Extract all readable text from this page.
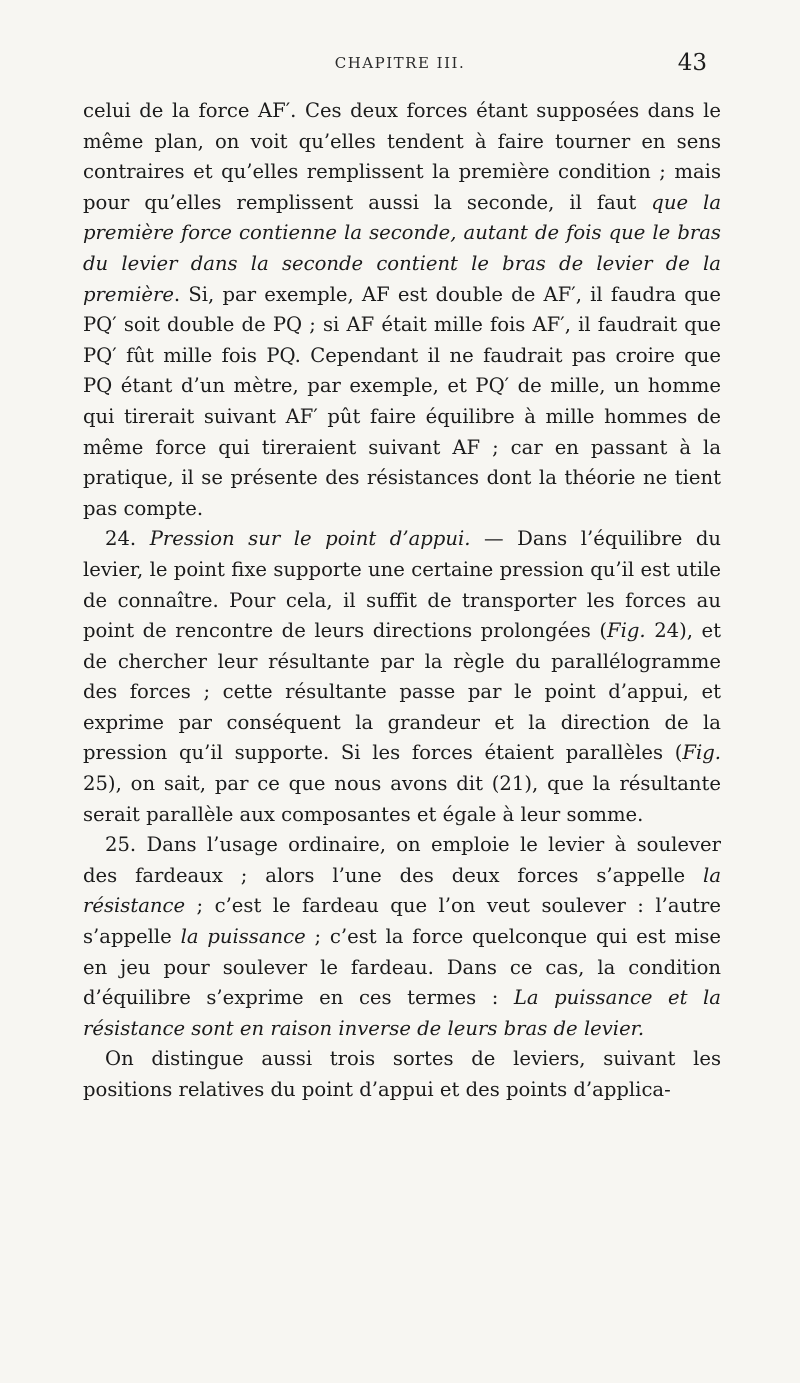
CHAPITRE III.	43

celui de la force AF′. Ces deux forces étant supposées dans le même plan, on voit qu’elles tendent à faire tourner en sens contraires et qu’elles remplissent la première condition ; mais pour qu’elles remplissent aussi la seconde, il faut que la première force contienne la seconde, autant de fois que le bras du levier dans la seconde contient le bras de levier de la première. Si, par exemple, AF est double de AF′, il faudra que PQ′ soit double de PQ ; si AF était mille fois AF′, il faudrait que PQ′ fût mille fois PQ. Cependant il ne faudrait pas croire que PQ étant d’un mètre, par exemple, et PQ′ de mille, un homme qui tirerait suivant AF′ pût faire équilibre à mille hommes de même force qui tireraient suivant AF ; car en passant à la pratique, il se présente des résistances dont la théorie ne tient pas compte.

24. Pression sur le point d’appui. — Dans l’équilibre du levier, le point fixe supporte une certaine pression qu’il est utile de connaître. Pour cela, il suffit de transporter les forces au point de rencontre de leurs directions prolongées (Fig. 24), et de chercher leur résultante par la règle du parallélogramme des forces ; cette résultante passe par le point d’appui, et exprime par conséquent la grandeur et la direction de la pression qu’il supporte. Si les forces étaient parallèles (Fig. 25), on sait, par ce que nous avons dit (21), que la résultante serait parallèle aux composantes et égale à leur somme.

25. Dans l’usage ordinaire, on emploie le levier à soulever des fardeaux ; alors l’une des deux forces s’appelle la résistance ; c’est le fardeau que l’on veut soulever : l’autre s’appelle la puissance ; c’est la force quelconque qui est mise en jeu pour soulever le fardeau. Dans ce cas, la condition d’équilibre s’exprime en ces termes : La puissance et la résistance sont en raison inverse de leurs bras de levier.

On distingue aussi trois sortes de leviers, suivant les positions relatives du point d’appui et des points d’applica-
